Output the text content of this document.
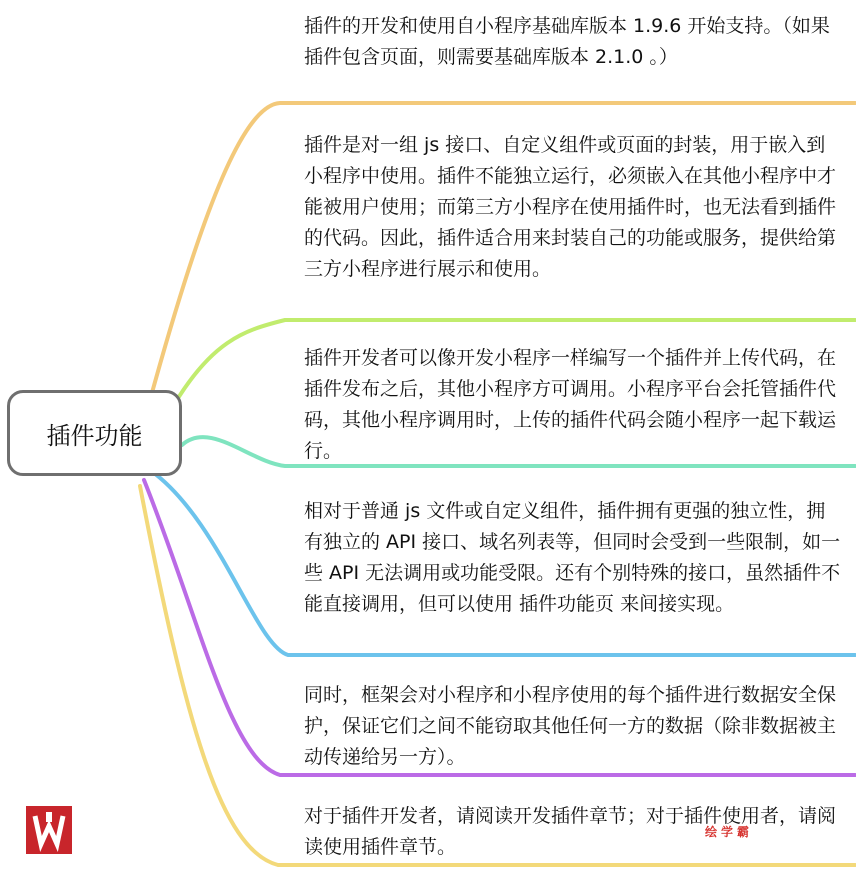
插件的开发和使用自小程序基础库版本 1.9.6 开始支持。（如果插件包含页面，则需要基础库版本 2.1.0 。）
插件是对一组 js 接口、自定义组件或页面的封装，用于嵌入到小程序中使用。插件不能独立运行，必须嵌入在其他小程序中才能被用户使用；而第三方小程序在使用插件时，也无法看到插件的代码。因此，插件适合用来封装自己的功能或服务，提供给第三方小程序进行展示和使用。
插件开发者可以像开发小程序一样编写一个插件并上传代码，在插件发布之后，其他小程序方可调用。小程序平台会托管插件代码，其他小程序调用时，上传的插件代码会随小程序一起下载运行。
相对于普通 js 文件或自定义组件，插件拥有更强的独立性，拥有独立的 API 接口、域名列表等，但同时会受到一些限制，如一些 API 无法调用或功能受限。还有个别特殊的接口，虽然插件不能直接调用，但可以使用 插件功能页 来间接实现。
同时，框架会对小程序和小程序使用的每个插件进行数据安全保护，保证它们之间不能窃取其他任何一方的数据（除非数据被主动传递给另一方）。
对于插件开发者，请阅读开发插件章节；对于插件使用者，请阅读使用插件章节。
插件功能
绘学霸
